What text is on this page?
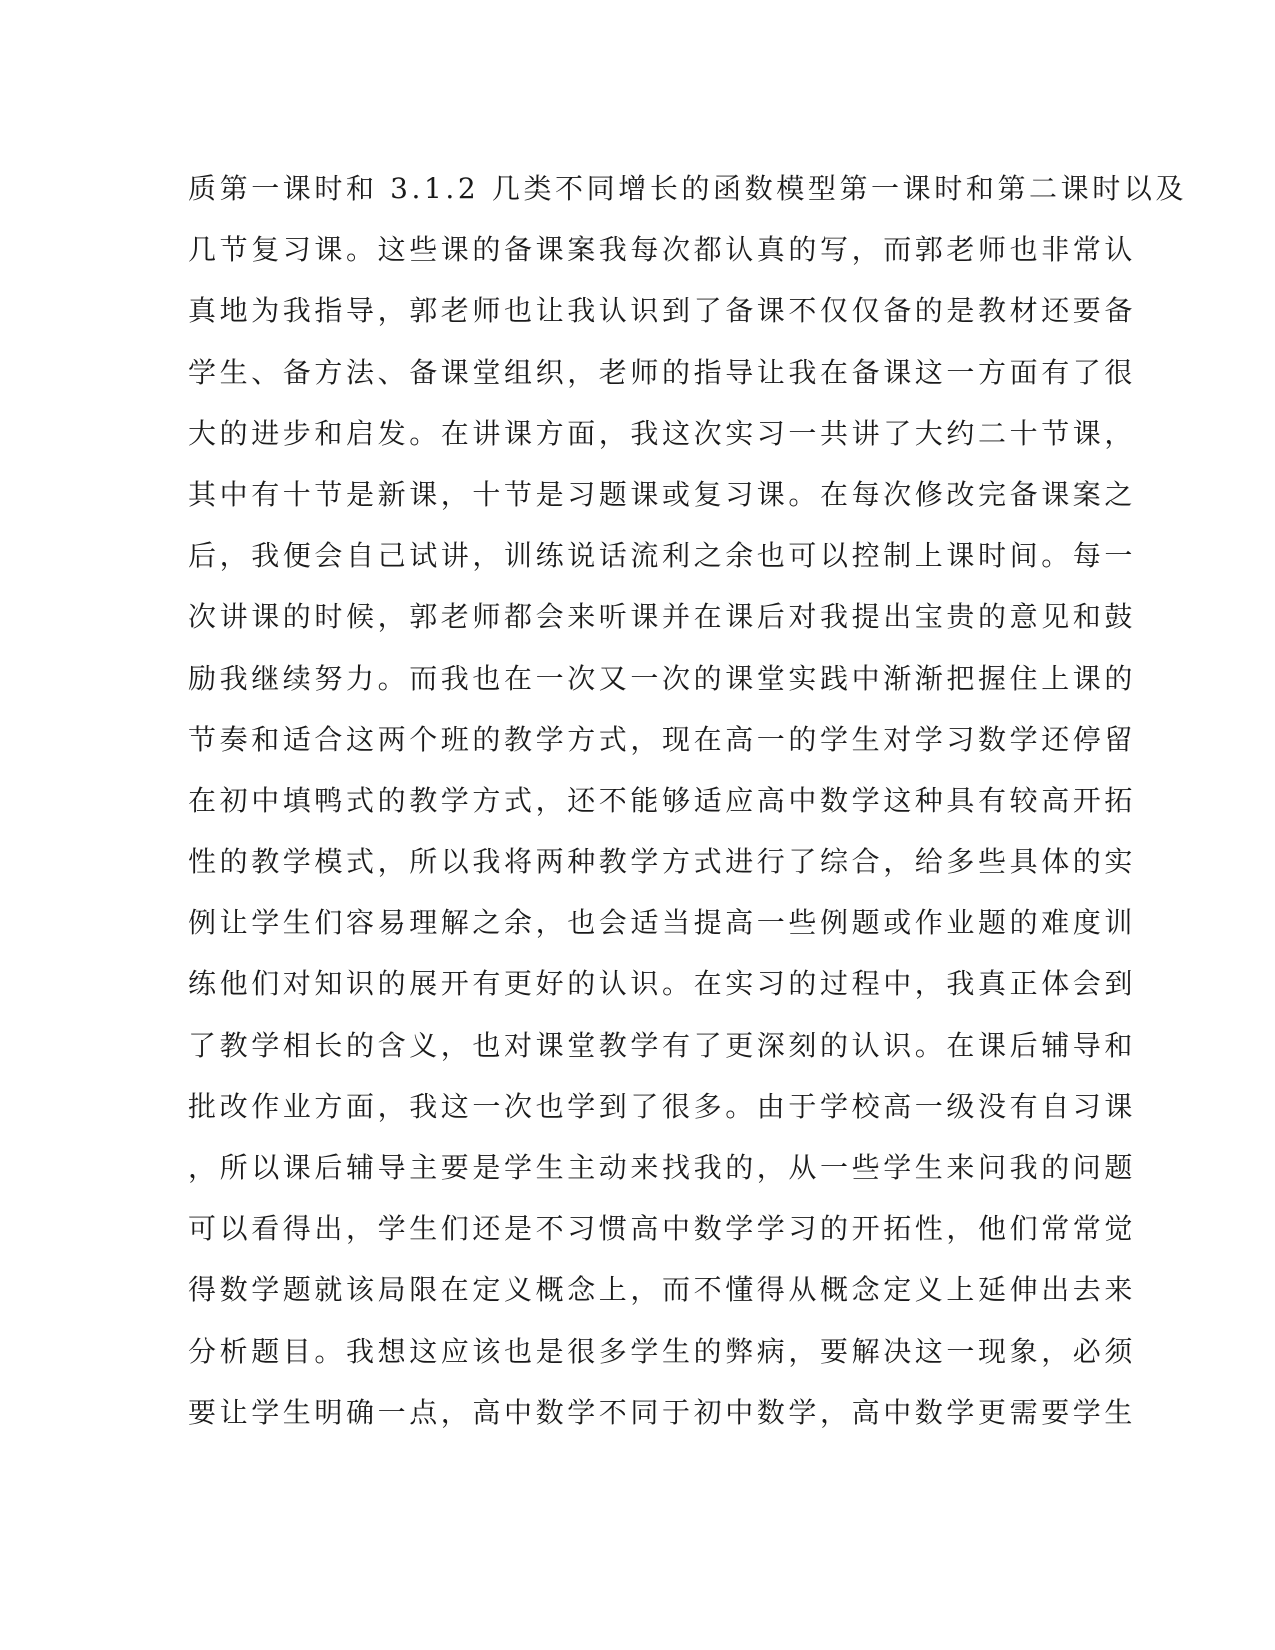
质第一课时和 3.1.2 几类不同增长的函数模型第一课时和第二课时以及
几节复习课。这些课的备课案我每次都认真的写，而郭老师也非常认
真地为我指导，郭老师也让我认识到了备课不仅仅备的是教材还要备
学生、备方法、备课堂组织，老师的指导让我在备课这一方面有了很
大的进步和启发。在讲课方面，我这次实习一共讲了大约二十节课，
其中有十节是新课，十节是习题课或复习课。在每次修改完备课案之
后，我便会自己试讲，训练说话流利之余也可以控制上课时间。每一
次讲课的时候，郭老师都会来听课并在课后对我提出宝贵的意见和鼓
励我继续努力。而我也在一次又一次的课堂实践中渐渐把握住上课的
节奏和适合这两个班的教学方式，现在高一的学生对学习数学还停留
在初中填鸭式的教学方式，还不能够适应高中数学这种具有较高开拓
性的教学模式，所以我将两种教学方式进行了综合，给多些具体的实
例让学生们容易理解之余，也会适当提高一些例题或作业题的难度训
练他们对知识的展开有更好的认识。在实习的过程中，我真正体会到
了教学相长的含义，也对课堂教学有了更深刻的认识。在课后辅导和
批改作业方面，我这一次也学到了很多。由于学校高一级没有自习课
，所以课后辅导主要是学生主动来找我的，从一些学生来问我的问题
可以看得出，学生们还是不习惯高中数学学习的开拓性，他们常常觉
得数学题就该局限在定义概念上，而不懂得从概念定义上延伸出去来
分析题目。我想这应该也是很多学生的弊病，要解决这一现象，必须
要让学生明确一点，高中数学不同于初中数学，高中数学更需要学生
